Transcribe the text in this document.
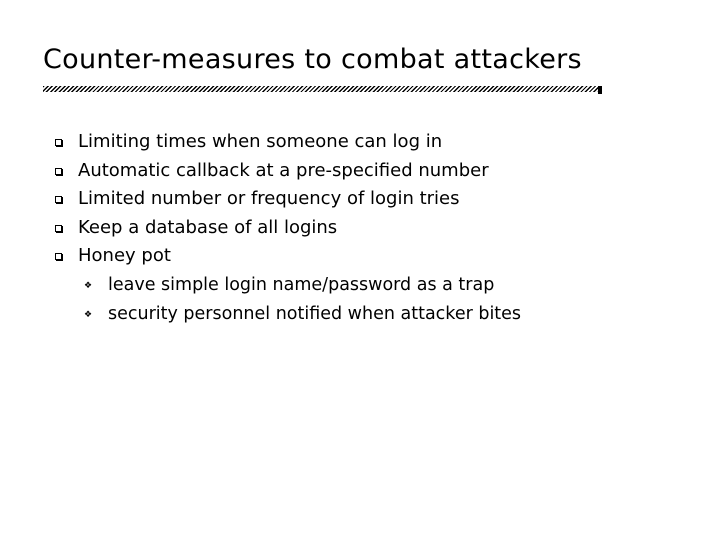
Counter-measures to combat attackers
Limiting times when someone can log in
Automatic callback at a pre-specified number
Limited number or frequency of login tries
Keep a database of all logins
Honey pot
❖ leave simple login name/password as a trap
❖ security personnel notified when attacker bites
